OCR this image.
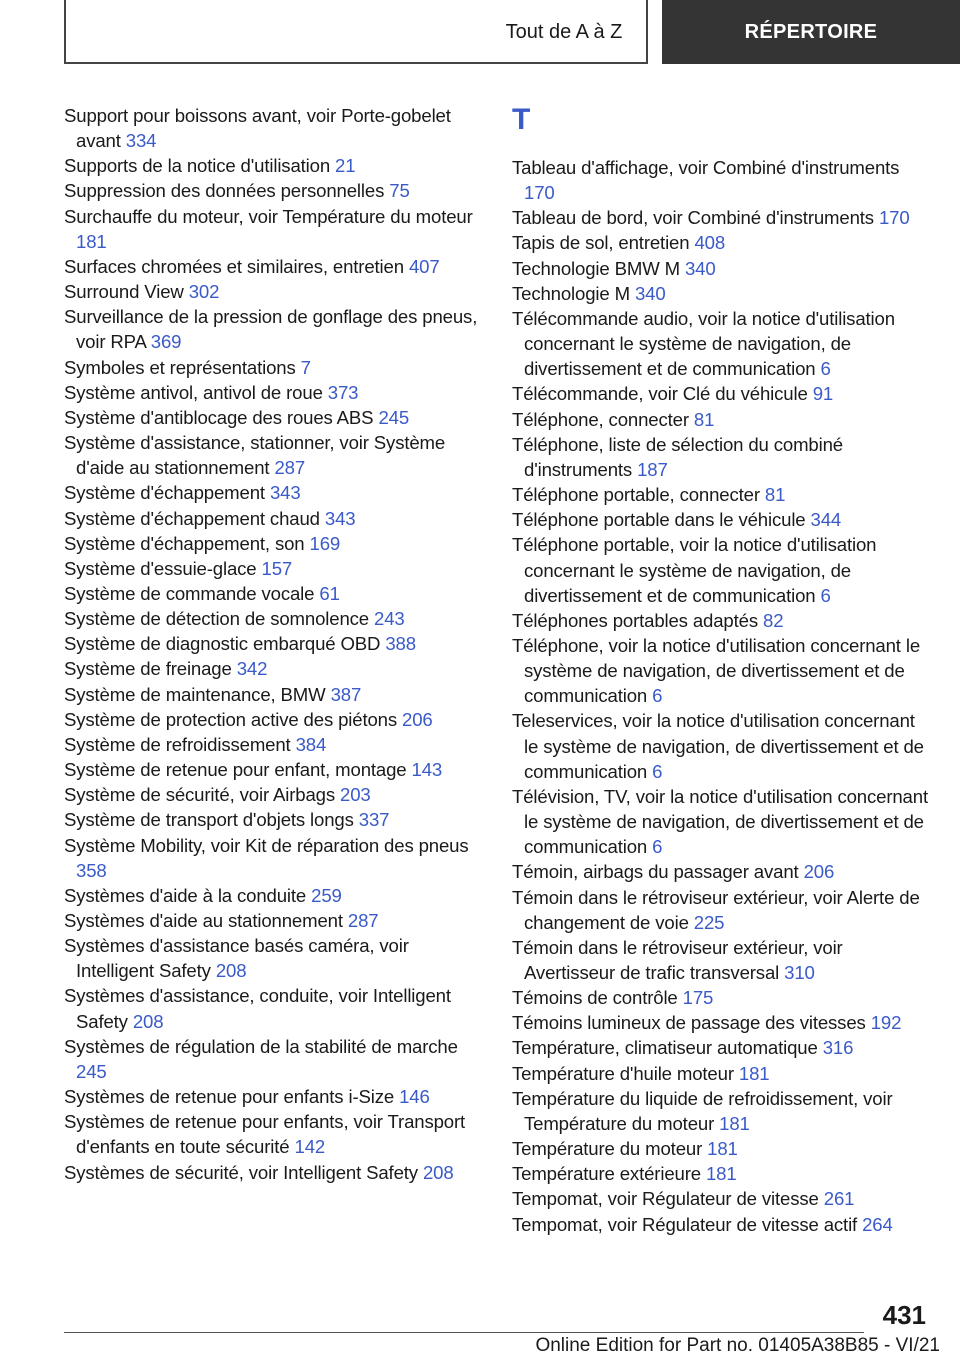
Tout de A à Z	RÉPERTOIRE
Support pour boissons avant, voir Porte-gobelet avant 334
Supports de la notice d'utilisation 21
Suppression des données personnelles 75
Surchauffe du moteur, voir Température du moteur 181
Surfaces chromées et similaires, entretien 407
Surround View 302
Surveillance de la pression de gonflage des pneus, voir RPA 369
Symboles et représentations 7
Système antivol, antivol de roue 373
Système d'antiblocage des roues ABS 245
Système d'assistance, stationner, voir Système d'aide au stationnement 287
Système d'échappement 343
Système d'échappement chaud 343
Système d'échappement, son 169
Système d'essuie-glace 157
Système de commande vocale 61
Système de détection de somnolence 243
Système de diagnostic embarqué OBD 388
Système de freinage 342
Système de maintenance, BMW 387
Système de protection active des piétons 206
Système de refroidissement 384
Système de retenue pour enfant, montage 143
Système de sécurité, voir Airbags 203
Système de transport d'objets longs 337
Système Mobility, voir Kit de réparation des pneus 358
Systèmes d'aide à la conduite 259
Systèmes d'aide au stationnement 287
Systèmes d'assistance basés caméra, voir Intelligent Safety 208
Systèmes d'assistance, conduite, voir Intelligent Safety 208
Systèmes de régulation de la stabilité de marche 245
Systèmes de retenue pour enfants i-Size 146
Systèmes de retenue pour enfants, voir Transport d'enfants en toute sécurité 142
Systèmes de sécurité, voir Intelligent Safety 208
T
Tableau d'affichage, voir Combiné d'instruments 170
Tableau de bord, voir Combiné d'instruments 170
Tapis de sol, entretien 408
Technologie BMW M 340
Technologie M 340
Télécommande audio, voir la notice d'utilisation concernant le système de navigation, de divertissement et de communication 6
Télécommande, voir Clé du véhicule 91
Téléphone, connecter 81
Téléphone, liste de sélection du combiné d'instruments 187
Téléphone portable, connecter 81
Téléphone portable dans le véhicule 344
Téléphone portable, voir la notice d'utilisation concernant le système de navigation, de divertissement et de communication 6
Téléphones portables adaptés 82
Téléphone, voir la notice d'utilisation concernant le système de navigation, de divertissement et de communication 6
Teleservices, voir la notice d'utilisation concernant le système de navigation, de divertissement et de communication 6
Télévision, TV, voir la notice d'utilisation concernant le système de navigation, de divertissement et de communication 6
Témoin, airbags du passager avant 206
Témoin dans le rétroviseur extérieur, voir Alerte de changement de voie 225
Témoin dans le rétroviseur extérieur, voir Avertisseur de trafic transversal 310
Témoins de contrôle 175
Témoins lumineux de passage des vitesses 192
Température, climatiseur automatique 316
Température d'huile moteur 181
Température du liquide de refroidissement, voir Température du moteur 181
Température du moteur 181
Température extérieure 181
Tempomat, voir Régulateur de vitesse 261
Tempomat, voir Régulateur de vitesse actif 264
431
Online Edition for Part no. 01405A38B85 - VI/21
